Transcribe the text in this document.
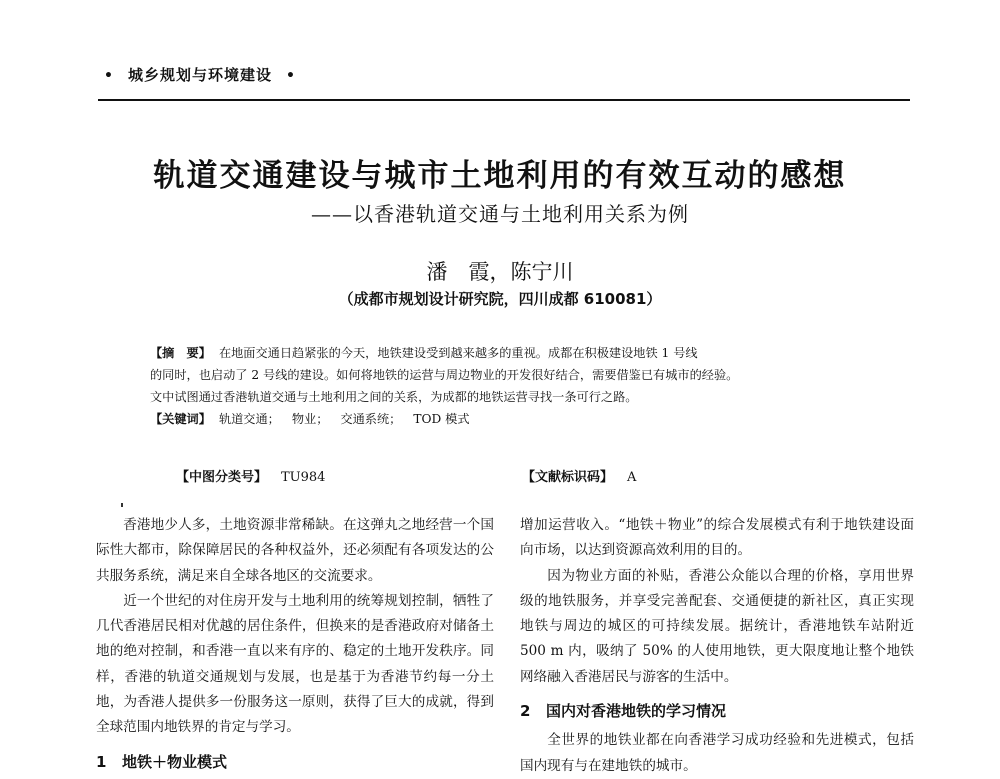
• 城乡规划与环境建设 •
轨道交通建设与城市土地利用的有效互动的感想
——以香港轨道交通与土地利用关系为例
潘　霞，陈宁川
（成都市规划设计研究院，四川成都 610081）
【摘　要】 在地面交通日趋紧张的今天，地铁建设受到越来越多的重视。成都在积极建设地铁 1 号线
的同时，也启动了 2 号线的建设。如何将地铁的运营与周边物业的开发很好结合，需要借鉴已有城市的经验。
文中试图通过香港轨道交通与土地利用之间的关系，为成都的地铁运营寻找一条可行之路。
【关键词】 轨道交通； 物业； 交通系统； TOD 模式
【中图分类号】 TU984	【文献标识码】 A

香港地少人多，土地资源非常稀缺。在这弹丸之地经营一个国际性大都市，除保障居民的各种权益外，还必须配有各项发达的公共服务系统，满足来自全球各地区的交流要求。

近一个世纪的对住房开发与土地利用的统筹规划控制，牺牲了几代香港居民相对优越的居住条件，但换来的是香港政府对储备土地的绝对控制，和香港一直以来有序的、稳定的土地开发秩序。同样，香港的轨道交通规划与发展，也是基于为香港节约每一分土地，为香港人提供多一份服务这一原则，获得了巨大的成就，得到全球范围内地铁界的肯定与学习。

1 地铁＋物业模式

增加运营收入。“地铁＋物业”的综合发展模式有利于地铁建设面向市场，以达到资源高效利用的目的。

因为物业方面的补贴，香港公众能以合理的价格，享用世界级的地铁服务，并享受完善配套、交通便捷的新社区，真正实现地铁与周边的城区的可持续发展。据统计，香港地铁车站附近 500 m 内，吸纳了 50% 的人使用地铁，更大限度地让整个地铁网络融入香港居民与游客的生活中。

2 国内对香港地铁的学习情况

全世界的地铁业都在向香港学习成功经验和先进模式，包括国内现有与在建地铁的城市。
